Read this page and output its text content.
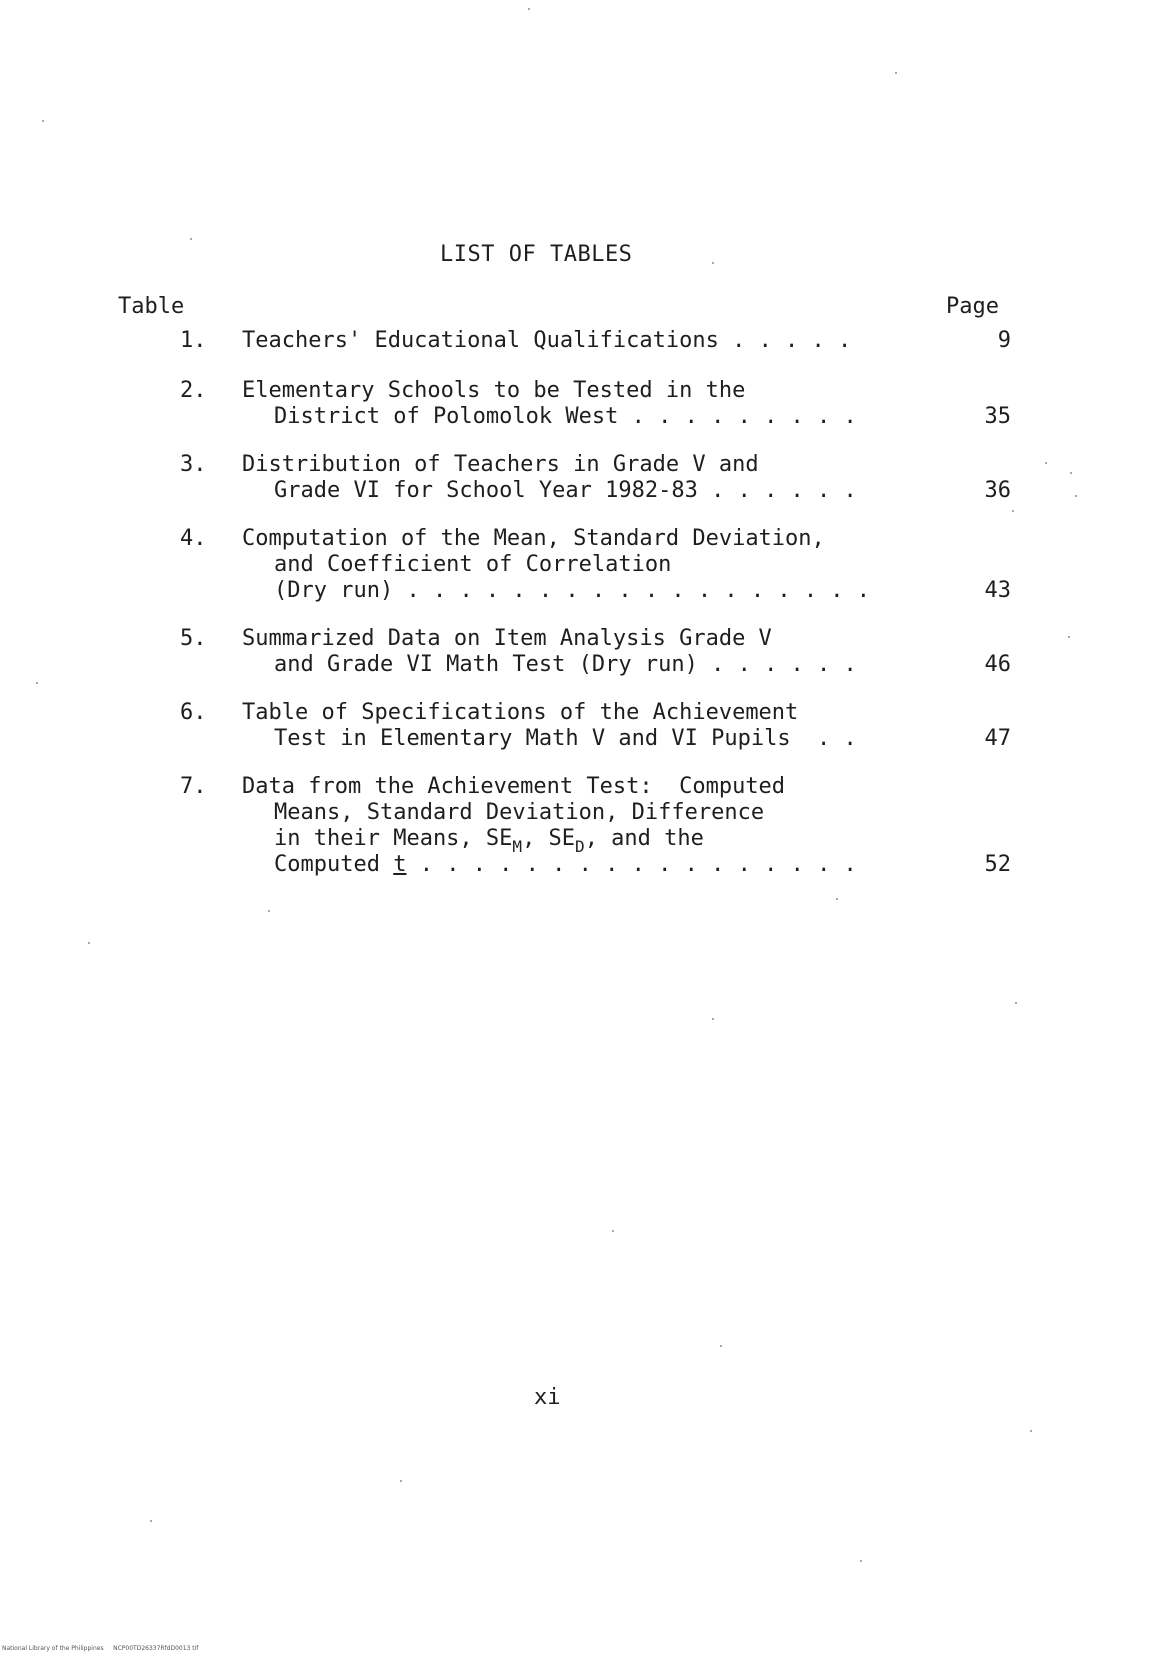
LIST OF TABLES
Table	Page
1.	Teachers' Educational Qualifications . . . . .	9
2.	Elementary Schools to be Tested in the
District of Polomolok West . . . . . . . . .	35
3.	Distribution of Teachers in Grade V and
Grade VI for School Year 1982-83 . . . . . .	36
4.	Computation of the Mean, Standard Deviation,
and Coefficient of Correlation
(Dry run) . . . . . . . . . . . . . . . . . .	43
5.	Summarized Data on Item Analysis Grade V
and Grade VI Math Test (Dry run) . . . . . .	46
6.	Table of Specifications of the Achievement
Test in Elementary Math V and VI Pupils  . .	47
7.	Data from the Achievement Test:  Computed
Means, Standard Deviation, Difference
in their Means, $SE_M$, $SE_D$, and the
Computed t . . . . . . . . . . . . . . . . .	52
xi
National Library of the Philippines     NCP00TD26337RfdD0013 tif
